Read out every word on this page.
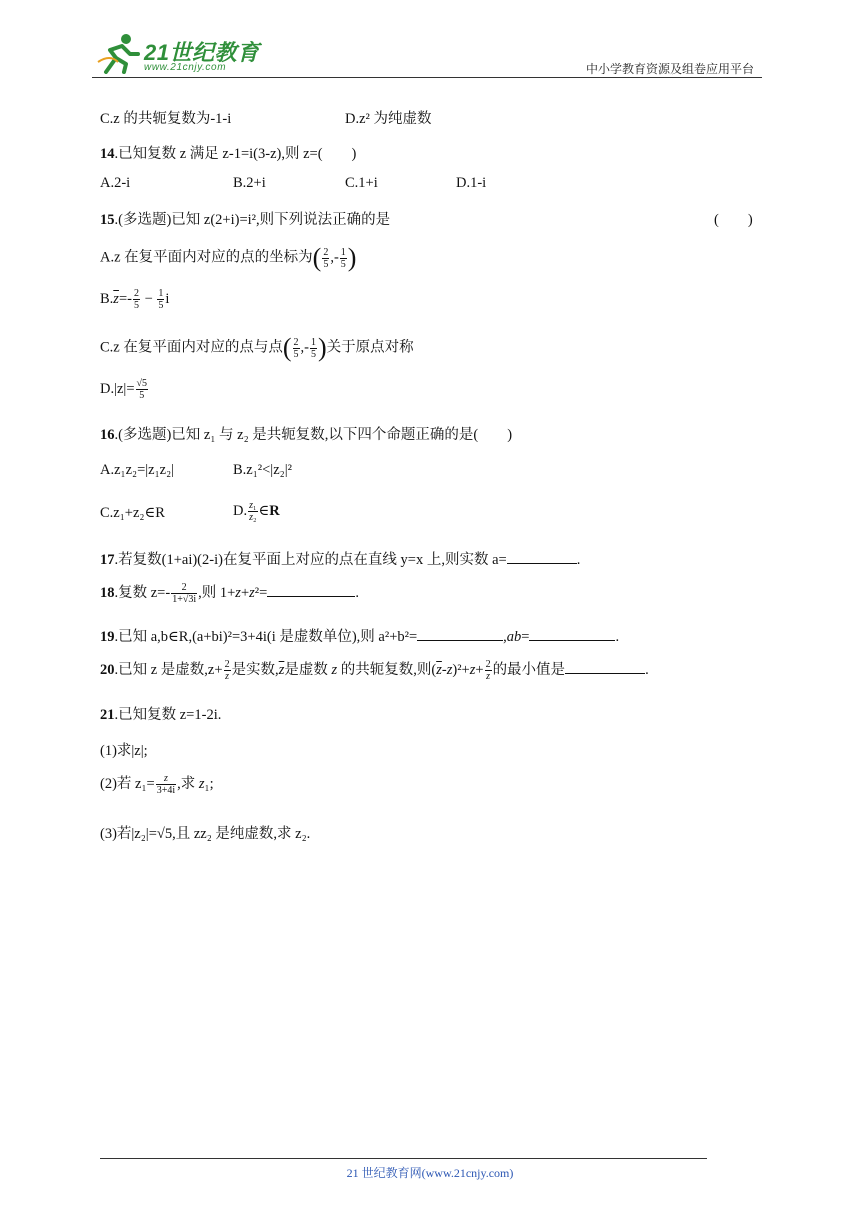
21世纪教育
www.21cnjy.com	中小学教育资源及组卷应用平台
C.z 的共轭复数为-1-i	D.z² 为纯虚数
14.已知复数 z 满足 z-1=i(3-z),则 z=(　　)
A.2-i	B.2+i	C.1+i	D.1-i
15.(多选题)已知 z(2+i)=i²,则下列说法正确的是	(　　)
A.z 在复平面内对应的点的坐标为( $\frac{2}{5}$ ,- $\frac{1}{5}$ )
$B.\overline{z}=- \frac{2}{5} - \frac{1}{5}$ i
C.z 在复平面内对应的点与点( $\frac{2}{5}$ ,- $\frac{1}{5}$ )关于原点对称
$D.|z|= \frac{√5}{5}$
16.(多选题)已知 z₁ 与 z₂ 是共轭复数,以下四个命题正确的是(　　)
A.z₁z₂=|z₁z₂|	B.z₁²<|z₂|²
C.z₁+z₂∈R	D. $\frac{\text{z₁}}{\text{z₂}}$ ∈R
17.若复数(1+ai)(2-i)在复平面上对应的点在直线 y=x 上,则实数 a=	.
18.复数 $z=- \frac{2}{1+√3i}$ ,则 1+z+z²=	.
19.已知 a,b∈R,(a+bi)²=3+4i(i 是虚数单位),则 a²+b²=	,ab=	.
20.已知 z 是虚数$,z+ \frac{2}{z}$ 是实数$,\overline{z}$是虚数 z 的共轭复数,则$(\overline{z}-z)^2+z+ \frac{2}{z}$ 的最小值是	.
21.已知复数 z=1-2i.
(1)求|z|;
(2)若 $z_1= \frac{z}{3+4i}$ ,求 z₁;
(3)若|z₂|=√5,且 zz₂ 是纯虚数,求 z₂.
21 世纪教育网(www.21cnjy.com)
